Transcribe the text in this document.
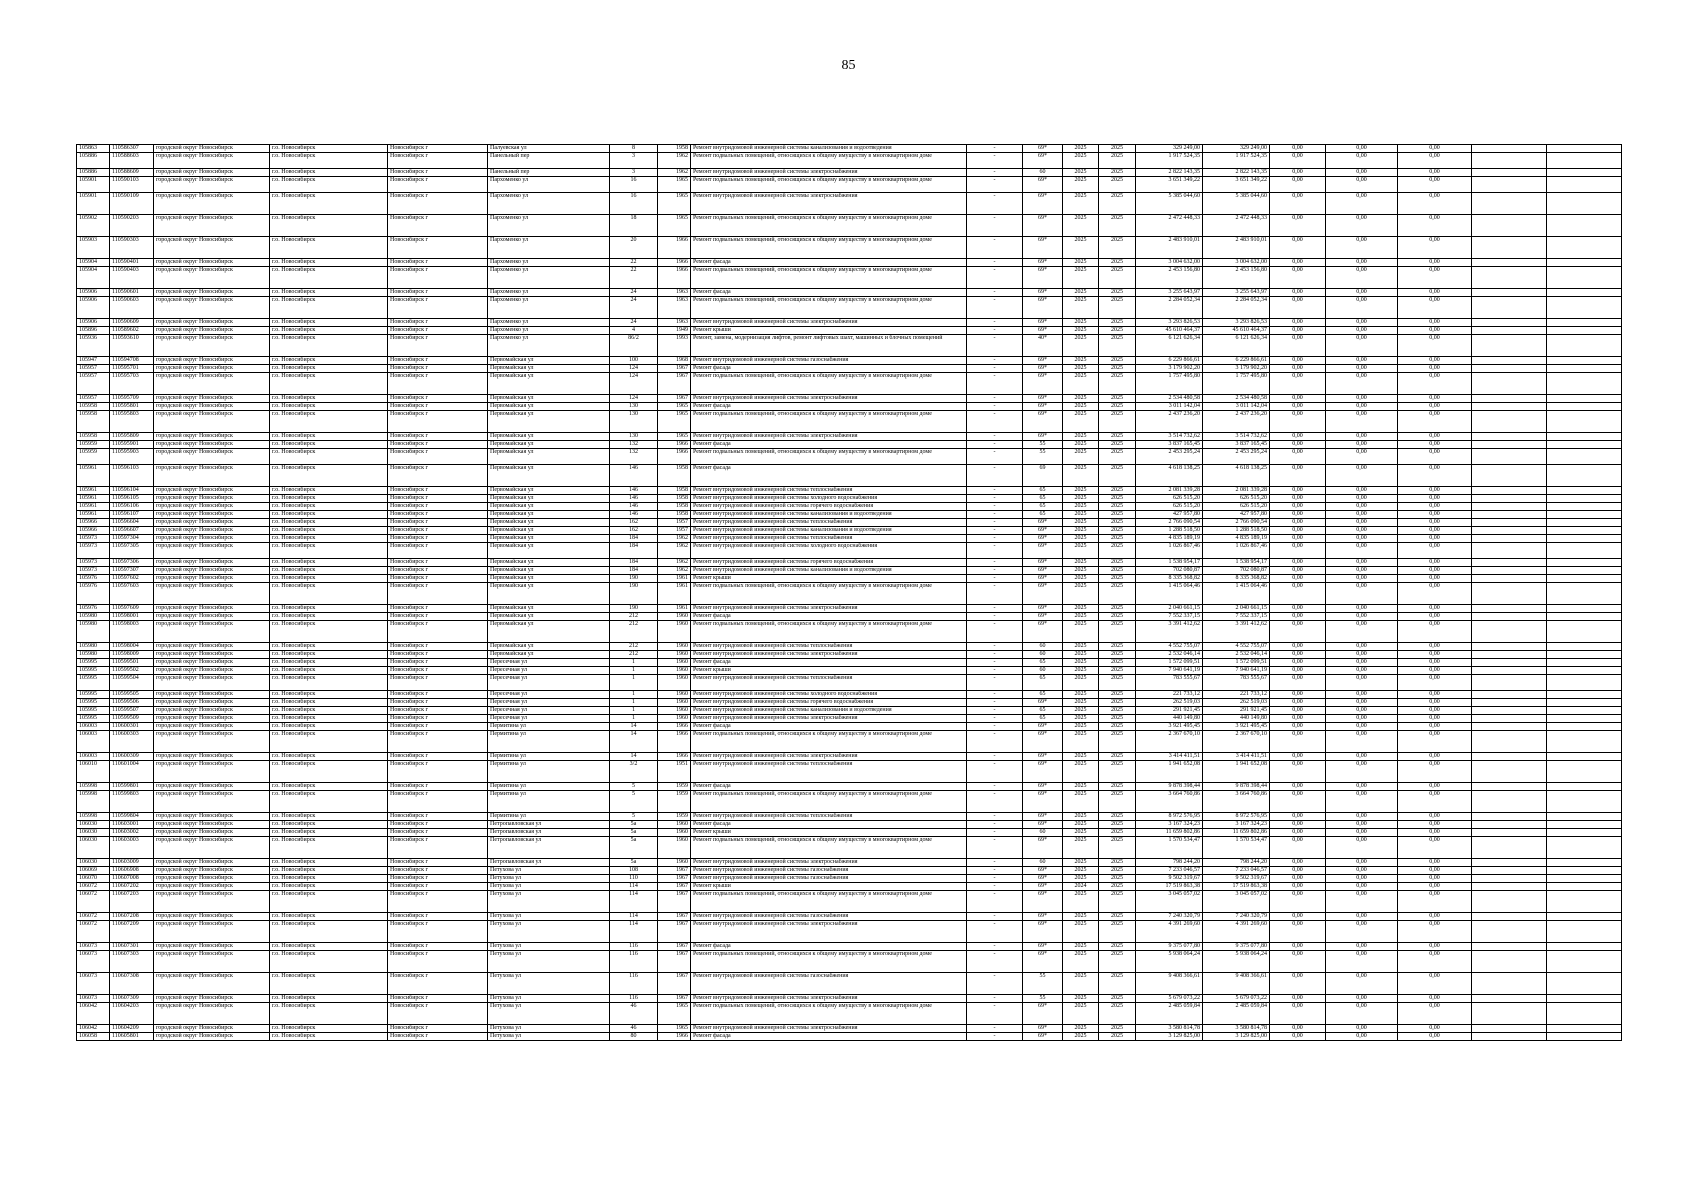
85
105863	110586307	городской округ Новосибирск	г.о. Новосибирск	Новосибирск г	Палуевская ул	8	1958	Ремонт внутридомовой инженерной системы канализования и водоотведения	-	69*	2025	2025	329 249,00	329 249,00	0,00	0,00	0,00		
105886	110588603	городской округ Новосибирск	г.о. Новосибирск	Новосибирск г	Панельный пер	3	1962	Ремонт подвальных помещений, относящихся к общему имуществу в многоквартирном доме	-	69*	2025	2025	1 917 524,35	1 917 524,35	0,00	0,00	0,00		
105886	110588609	городской округ Новосибирск	г.о. Новосибирск	Новосибирск г	Панельный пер	3	1962	Ремонт внутридомовой инженерной системы электроснабжения	-	60	2025	2025	2 822 143,35	2 822 143,35	0,00	0,00	0,00		
105901	110590103	городской округ Новосибирск	г.о. Новосибирск	Новосибирск г	Пархоменко ул	16	1965	Ремонт подвальных помещений, относящихся к общему имуществу в многоквартирном доме	-	69*	2025	2025	3 651 349,22	3 651 349,22	0,00	0,00	0,00		
105901	110590109	городской округ Новосибирск	г.о. Новосибирск	Новосибирск г	Пархоменко ул	16	1965	Ремонт внутридомовой инженерной системы электроснабжения	-	69*	2025	2025	5 385 044,60	5 385 044,60	0,00	0,00	0,00		
105902	110590203	городской округ Новосибирск	г.о. Новосибирск	Новосибирск г	Пархоменко ул	18	1965	Ремонт подвальных помещений, относящихся к общему имуществу в многоквартирном доме	-	69*	2025	2025	2 472 448,33	2 472 448,33	0,00	0,00	0,00		
105903	110590303	городской округ Новосибирск	г.о. Новосибирск	Новосибирск г	Пархоменко ул	20	1966	Ремонт подвальных помещений, относящихся к общему имуществу в многоквартирном доме	-	69*	2025	2025	2 483 910,01	2 483 910,01	0,00	0,00	0,00		
105904	110590401	городской округ Новосибирск	г.о. Новосибирск	Новосибирск г	Пархоменко ул	22	1966	Ремонт фасада	-	69*	2025	2025	3 004 632,00	3 004 632,00	0,00	0,00	0,00		
105904	110590403	городской округ Новосибирск	г.о. Новосибирск	Новосибирск г	Пархоменко ул	22	1966	Ремонт подвальных помещений, относящихся к общему имуществу в многоквартирном доме	-	69*	2025	2025	2 453 156,80	2 453 156,80	0,00	0,00	0,00		
105906	110590601	городской округ Новосибирск	г.о. Новосибирск	Новосибирск г	Пархоменко ул	24	1963	Ремонт фасада	-	69*	2025	2025	3 255 643,97	3 255 643,97	0,00	0,00	0,00		
105906	110590603	городской округ Новосибирск	г.о. Новосибирск	Новосибирск г	Пархоменко ул	24	1963	Ремонт подвальных помещений, относящихся к общему имуществу в многоквартирном доме	-	69*	2025	2025	2 284 052,34	2 284 052,34	0,00	0,00	0,00		
105906	110590609	городской округ Новосибирск	г.о. Новосибирск	Новосибирск г	Пархоменко ул	24	1963	Ремонт внутридомовой инженерной системы электроснабжения	-	69*	2025	2025	3 293 826,53	3 293 826,53	0,00	0,00	0,00		
105896	110589602	городской округ Новосибирск	г.о. Новосибирск	Новосибирск г	Пархоменко ул	4	1949	Ремонт крыши	-	69*	2025	2025	45 610 464,37	45 610 464,37	0,00	0,00	0,00		
105936	110593610	городской округ Новосибирск	г.о. Новосибирск	Новосибирск г	Пархоменко ул	86/2	1993	Ремонт, замена, модернизация лифтов, ремонт лифтовых шахт, машинных и блочных помещений	-	40*	2025	2025	6 121 626,34	6 121 626,34	0,00	0,00	0,00		
105947	110594708	городской округ Новосибирск	г.о. Новосибирск	Новосибирск г	Первомайская ул	100	1968	Ремонт внутридомовой инженерной системы газоснабжения	-	69*	2025	2025	6 229 866,61	6 229 866,61	0,00	0,00	0,00		
105957	110595701	городской округ Новосибирск	г.о. Новосибирск	Новосибирск г	Первомайская ул	124	1967	Ремонт фасада	-	69*	2025	2025	3 179 902,20	3 179 902,20	0,00	0,00	0,00		
105957	110595703	городской округ Новосибирск	г.о. Новосибирск	Новосибирск г	Первомайская ул	124	1967	Ремонт подвальных помещений, относящихся к общему имуществу в многоквартирном доме	-	69*	2025	2025	1 757 495,80	1 757 495,80	0,00	0,00	0,00		
105957	110595709	городской округ Новосибирск	г.о. Новосибирск	Новосибирск г	Первомайская ул	124	1967	Ремонт внутридомовой инженерной системы электроснабжения	-	69*	2025	2025	2 534 480,58	2 534 480,58	0,00	0,00	0,00		
105958	110595801	городской округ Новосибирск	г.о. Новосибирск	Новосибирск г	Первомайская ул	130	1965	Ремонт фасада	-	69*	2025	2025	3 011 142,04	3 011 142,04	0,00	0,00	0,00		
105958	110595803	городской округ Новосибирск	г.о. Новосибирск	Новосибирск г	Первомайская ул	130	1965	Ремонт подвальных помещений, относящихся к общему имуществу в многоквартирном доме	-	69*	2025	2025	2 437 236,20	2 437 236,20	0,00	0,00	0,00		
105958	110595809	городской округ Новосибирск	г.о. Новосибирск	Новосибирск г	Первомайская ул	130	1965	Ремонт внутридомовой инженерной системы электроснабжения	-	69*	2025	2025	3 514 732,62	3 514 732,62	0,00	0,00	0,00		
105959	110595901	городской округ Новосибирск	г.о. Новосибирск	Новосибирск г	Первомайская ул	132	1966	Ремонт фасада	-	55	2025	2025	3 837 165,45	3 837 165,45	0,00	0,00	0,00		
105959	110595903	городской округ Новосибирск	г.о. Новосибирск	Новосибирск г	Первомайская ул	132	1966	Ремонт подвальных помещений, относящихся к общему имуществу в многоквартирном доме	-	55	2025	2025	2 453 295,24	2 453 295,24	0,00	0,00	0,00		
105961	110596103	городской округ Новосибирск	г.о. Новосибирск	Новосибирск г	Первомайская ул	146	1958	Ремонт фасада	-	69	2025	2025	4 618 138,25	4 618 138,25	0,00	0,00	0,00		
105961	110596104	городской округ Новосибирск	г.о. Новосибирск	Новосибирск г	Первомайская ул	146	1958	Ремонт внутридомовой инженерной системы теплоснабжения	-	65	2025	2025	2 081 339,28	2 081 339,28	0,00	0,00	0,00		
105961	110596105	городской округ Новосибирск	г.о. Новосибирск	Новосибирск г	Первомайская ул	146	1958	Ремонт внутридомовой инженерной системы холодного водоснабжения	-	65	2025	2025	626 515,20	626 515,20	0,00	0,00	0,00		
105961	110596106	городской округ Новосибирск	г.о. Новосибирск	Новосибирск г	Первомайская ул	146	1958	Ремонт внутридомовой инженерной системы горячего водоснабжения	-	65	2025	2025	626 515,20	626 515,20	0,00	0,00	0,00		
105961	110596107	городской округ Новосибирск	г.о. Новосибирск	Новосибирск г	Первомайская ул	146	1958	Ремонт внутридомовой инженерной системы канализования и водоотведения	-	65	2025	2025	427 957,80	427 957,80	0,00	0,00	0,00		
105966	110596604	городской округ Новосибирск	г.о. Новосибирск	Новосибирск г	Первомайская ул	162	1957	Ремонт внутридомовой инженерной системы теплоснабжения	-	69*	2025	2025	2 766 090,54	2 766 090,54	0,00	0,00	0,00		
105966	110596607	городской округ Новосибирск	г.о. Новосибирск	Новосибирск г	Первомайская ул	162	1957	Ремонт внутридомовой инженерной системы канализования и водоотведения	-	69*	2025	2025	1 288 518,50	1 288 518,50	0,00	0,00	0,00		
105973	110597304	городской округ Новосибирск	г.о. Новосибирск	Новосибирск г	Первомайская ул	184	1962	Ремонт внутридомовой инженерной системы теплоснабжения	-	69*	2025	2025	4 835 189,19	4 835 189,19	0,00	0,00	0,00		
105973	110597305	городской округ Новосибирск	г.о. Новосибирск	Новосибирск г	Первомайская ул	184	1962	Ремонт внутридомовой инженерной системы холодного водоснабжения	-	69*	2025	2025	1 026 867,46	1 026 867,46	0,00	0,00	0,00		
105973	110597306	городской округ Новосибирск	г.о. Новосибирск	Новосибирск г	Первомайская ул	184	1962	Ремонт внутридомовой инженерной системы горячего водоснабжения	-	69*	2025	2025	1 538 954,17	1 538 954,17	0,00	0,00	0,00		
105973	110597307	городской округ Новосибирск	г.о. Новосибирск	Новосибирск г	Первомайская ул	184	1962	Ремонт внутридомовой инженерной системы канализования и водоотведения	-	69*	2025	2025	702 080,87	702 080,87	0,00	0,00	0,00		
105976	110597602	городской округ Новосибирск	г.о. Новосибирск	Новосибирск г	Первомайская ул	190	1961	Ремонт крыши	-	69*	2025	2025	8 335 368,82	8 335 368,82	0,00	0,00	0,00		
105976	110597603	городской округ Новосибирск	г.о. Новосибирск	Новосибирск г	Первомайская ул	190	1961	Ремонт подвальных помещений, относящихся к общему имуществу в многоквартирном доме	-	69*	2025	2025	1 415 064,46	1 415 064,46	0,00	0,00	0,00		
105976	110597609	городской округ Новосибирск	г.о. Новосибирск	Новосибирск г	Первомайская ул	190	1961	Ремонт внутридомовой инженерной системы электроснабжения	-	69*	2025	2025	2 040 661,15	2 040 661,15	0,00	0,00	0,00		
105980	110598001	городской округ Новосибирск	г.о. Новосибирск	Новосибирск г	Первомайская ул	212	1960	Ремонт фасада	-	69*	2025	2025	7 552 337,15	7 552 337,15	0,00	0,00	0,00		
105980	110598003	городской округ Новосибирск	г.о. Новосибирск	Новосибирск г	Первомайская ул	212	1960	Ремонт подвальных помещений, относящихся к общему имуществу в многоквартирном доме	-	69*	2025	2025	3 391 412,62	3 391 412,62	0,00	0,00	0,00		
105980	110598004	городской округ Новосибирск	г.о. Новосибирск	Новосибирск г	Первомайская ул	212	1960	Ремонт внутридомовой инженерной системы теплоснабжения	-	60	2025	2025	4 552 755,07	4 552 755,07	0,00	0,00	0,00		
105980	110598009	городской округ Новосибирск	г.о. Новосибирск	Новосибирск г	Первомайская ул	212	1960	Ремонт внутридомовой инженерной системы электроснабжения	-	60	2025	2025	2 532 046,14	2 532 046,14	0,00	0,00	0,00		
105995	110599501	городской округ Новосибирск	г.о. Новосибирск	Новосибирск г	Пересечная ул	1	1960	Ремонт фасада	-	65	2025	2025	1 572 099,51	1 572 099,51	0,00	0,00	0,00		
105995	110599502	городской округ Новосибирск	г.о. Новосибирск	Новосибирск г	Пересечная ул	1	1960	Ремонт крыши	-	60	2025	2025	7 940 641,19	7 940 641,19	0,00	0,00	0,00		
105995	110599504	городской округ Новосибирск	г.о. Новосибирск	Новосибирск г	Пересечная ул	1	1960	Ремонт внутридомовой инженерной системы теплоснабжения	-	65	2025	2025	783 555,67	783 555,67	0,00	0,00	0,00		
105995	110599505	городской округ Новосибирск	г.о. Новосибирск	Новосибирск г	Пересечная ул	1	1960	Ремонт внутридомовой инженерной системы холодного водоснабжения	-	65	2025	2025	221 733,12	221 733,12	0,00	0,00	0,00		
105995	110599506	городской округ Новосибирск	г.о. Новосибирск	Новосибирск г	Пересечная ул	1	1960	Ремонт внутридомовой инженерной системы горячего водоснабжения	-	69*	2025	2025	262 519,03	262 519,03	0,00	0,00	0,00		
105995	110599507	городской округ Новосибирск	г.о. Новосибирск	Новосибирск г	Пересечная ул	1	1960	Ремонт внутридомовой инженерной системы канализования и водоотведения	-	65	2025	2025	291 921,45	291 921,45	0,00	0,00	0,00		
105995	110599509	городской округ Новосибирск	г.о. Новосибирск	Новосибирск г	Пересечная ул	1	1960	Ремонт внутридомовой инженерной системы электроснабжения	-	65	2025	2025	440 149,80	440 149,80	0,00	0,00	0,00		
106003	110600301	городской округ Новосибирск	г.о. Новосибирск	Новосибирск г	Пермитина ул	14	1966	Ремонт фасада	-	69*	2025	2025	3 921 495,45	3 921 495,45	0,00	0,00	0,00		
106003	110600303	городской округ Новосибирск	г.о. Новосибирск	Новосибирск г	Пермитина ул	14	1966	Ремонт подвальных помещений, относящихся к общему имуществу в многоквартирном доме	-	69*	2025	2025	2 367 670,10	2 367 670,10	0,00	0,00	0,00		
106003	110600309	городской округ Новосибирск	г.о. Новосибирск	Новосибирск г	Пермитина ул	14	1966	Ремонт внутридомовой инженерной системы электроснабжения	-	69*	2025	2025	3 414 411,51	3 414 411,51	0,00	0,00	0,00		
106010	110601004	городской округ Новосибирск	г.о. Новосибирск	Новосибирск г	Пермитина ул	3/2	1951	Ремонт внутридомовой инженерной системы теплоснабжения	-	69*	2025	2025	1 941 652,08	1 941 652,08	0,00	0,00	0,00		
105998	110599801	городской округ Новосибирск	г.о. Новосибирск	Новосибирск г	Пермитина ул	5	1959	Ремонт фасада	-	69*	2025	2025	9 878 398,44	9 878 398,44	0,00	0,00	0,00		
105998	110599803	городской округ Новосибирск	г.о. Новосибирск	Новосибирск г	Пермитина ул	5	1959	Ремонт подвальных помещений, относящихся к общему имуществу в многоквартирном доме	-	69*	2025	2025	3 664 760,86	3 664 760,86	0,00	0,00	0,00		
105998	110599804	городской округ Новосибирск	г.о. Новосибирск	Новосибирск г	Пермитина ул	5	1959	Ремонт внутридомовой инженерной системы теплоснабжения	-	69*	2025	2025	8 972 576,95	8 972 576,95	0,00	0,00	0,00		
106030	110603001	городской округ Новосибирск	г.о. Новосибирск	Новосибирск г	Петропавловская ул	5а	1960	Ремонт фасада	-	69*	2025	2025	3 167 324,23	3 167 324,23	0,00	0,00	0,00		
106030	110603002	городской округ Новосибирск	г.о. Новосибирск	Новосибирск г	Петропавловская ул	5а	1960	Ремонт крыши	-	60	2025	2025	11 659 802,86	11 659 802,86	0,00	0,00	0,00		
106030	110603003	городской округ Новосибирск	г.о. Новосибирск	Новосибирск г	Петропавловская ул	5а	1960	Ремонт подвальных помещений, относящихся к общему имуществу в многоквартирном доме	-	69*	2025	2025	1 570 534,47	1 570 534,47	0,00	0,00	0,00		
106030	110603009	городской округ Новосибирск	г.о. Новосибирск	Новосибирск г	Петропавловская ул	5а	1960	Ремонт внутридомовой инженерной системы электроснабжения	-	60	2025	2025	798 244,20	798 244,20	0,00	0,00	0,00		
106069	110606908	городской округ Новосибирск	г.о. Новосибирск	Новосибирск г	Петухова ул	108	1967	Ремонт внутридомовой инженерной системы газоснабжения	-	69*	2025	2025	7 233 046,57	7 233 046,57	0,00	0,00	0,00		
106070	110607008	городской округ Новосибирск	г.о. Новосибирск	Новосибирск г	Петухова ул	110	1967	Ремонт внутридомовой инженерной системы газоснабжения	-	69*	2025	2025	9 502 319,67	9 502 319,67	0,00	0,00	0,00		
106072	110607202	городской округ Новосибирск	г.о. Новосибирск	Новосибирск г	Петухова ул	114	1967	Ремонт крыши	-	69*	2024	2025	17 519 863,38	17 519 863,38	0,00	0,00	0,00		
106072	110607203	городской округ Новосибирск	г.о. Новосибирск	Новосибирск г	Петухова ул	114	1967	Ремонт подвальных помещений, относящихся к общему имуществу в многоквартирном доме	-	69*	2025	2025	3 045 057,02	3 045 057,02	0,00	0,00	0,00		
106072	110607208	городской округ Новосибирск	г.о. Новосибирск	Новосибирск г	Петухова ул	114	1967	Ремонт внутридомовой инженерной системы газоснабжения	-	69*	2025	2025	7 240 320,79	7 240 320,79	0,00	0,00	0,00		
106072	110607209	городской округ Новосибирск	г.о. Новосибирск	Новосибирск г	Петухова ул	114	1967	Ремонт внутридомовой инженерной системы электроснабжения	-	69*	2025	2025	4 391 269,60	4 391 269,60	0,00	0,00	0,00		
106073	110607301	городской округ Новосибирск	г.о. Новосибирск	Новосибирск г	Петухова ул	116	1967	Ремонт фасада	-	69*	2025	2025	9 375 077,80	9 375 077,80	0,00	0,00	0,00		
106073	110607303	городской округ Новосибирск	г.о. Новосибирск	Новосибирск г	Петухова ул	116	1967	Ремонт подвальных помещений, относящихся к общему имуществу в многоквартирном доме	-	69*	2025	2025	5 938 064,24	5 938 064,24	0,00	0,00	0,00		
106073	110607308	городской округ Новосибирск	г.о. Новосибирск	Новосибирск г	Петухова ул	116	1967	Ремонт внутридомовой инженерной системы газоснабжения	-	55	2025	2025	9 408 366,61	9 408 366,61	0,00	0,00	0,00		
106073	110607309	городской округ Новосибирск	г.о. Новосибирск	Новосибирск г	Петухова ул	116	1967	Ремонт внутридомовой инженерной системы электроснабжения	-	55	2025	2025	5 679 073,22	5 679 073,22	0,00	0,00	0,00		
106042	110604203	городской округ Новосибирск	г.о. Новосибирск	Новосибирск г	Петухова ул	46	1965	Ремонт подвальных помещений, относящихся к общему имуществу в многоквартирном доме	-	69*	2025	2025	2 485 059,84	2 485 059,84	0,00	0,00	0,00		
106042	110604209	городской округ Новосибирск	г.о. Новосибирск	Новосибирск г	Петухова ул	46	1965	Ремонт внутридомовой инженерной системы электроснабжения	-	69*	2025	2025	3 580 814,78	3 580 814,78	0,00	0,00	0,00		
106058	110605801	городской округ Новосибирск	г.о. Новосибирск	Новосибирск г	Петухова ул	80	1966	Ремонт фасада	-	69*	2025	2025	3 129 825,00	3 129 825,00	0,00	0,00	0,00		
